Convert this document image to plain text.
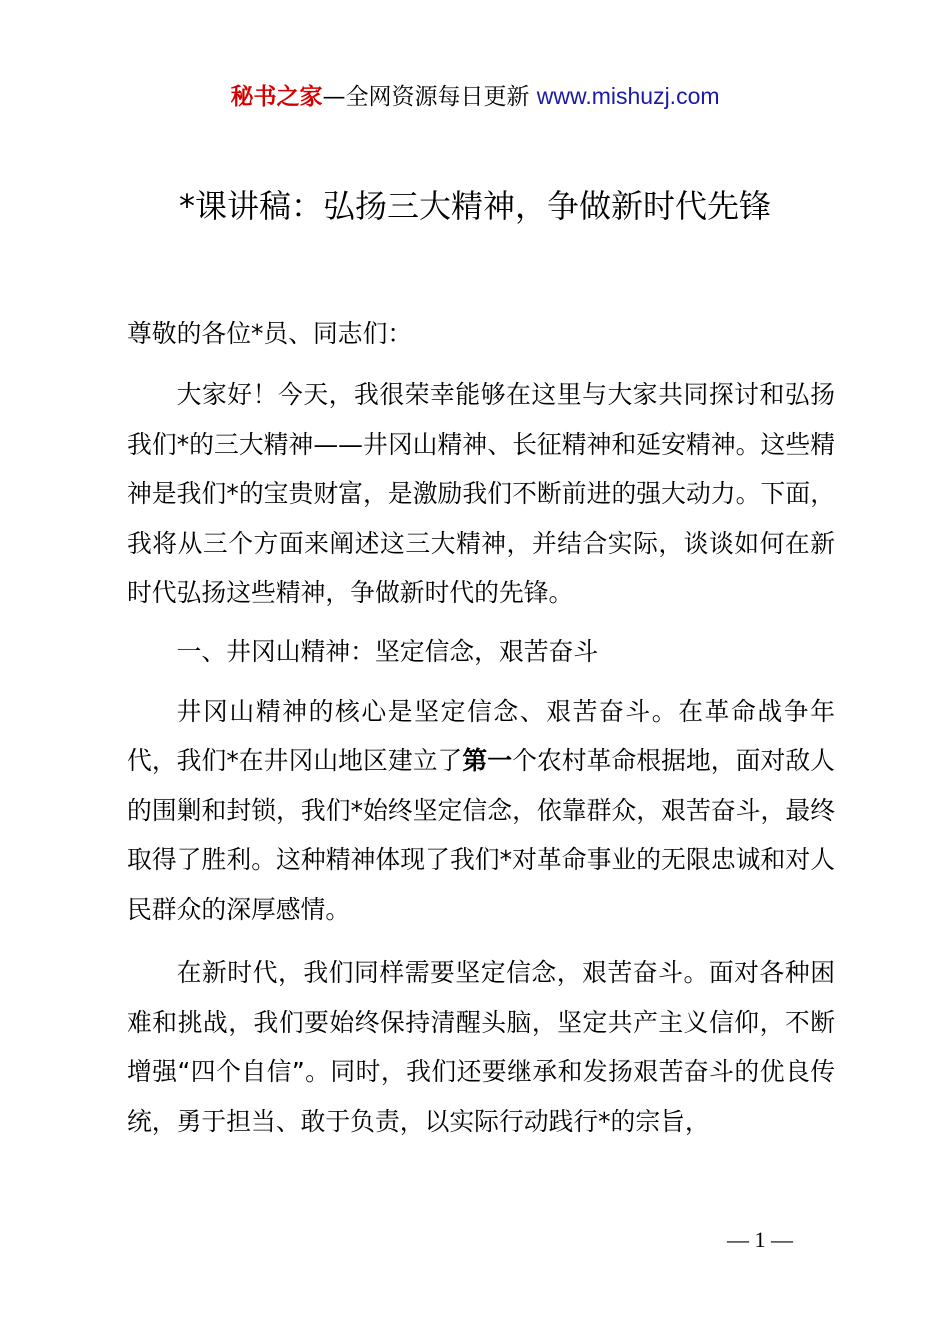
秘书之家—全网资源每日更新 www.mishuzj.com
*课讲稿：弘扬三大精神，争做新时代先锋

尊敬的各位*员、同志们：

大家好！今天，我很荣幸能够在这里与大家共同探讨和弘扬我们*的三大精神——井冈山精神、长征精神和延安精神。这些精神是我们*的宝贵财富，是激励我们不断前进的强大动力。下面，我将从三个方面来阐述这三大精神，并结合实际，谈谈如何在新时代弘扬这些精神，争做新时代的先锋。

一、井冈山精神：坚定信念，艰苦奋斗

井冈山精神的核心是坚定信念、艰苦奋斗。在革命战争年代，我们*在井冈山地区建立了第一个农村革命根据地，面对敌人的围剿和封锁，我们*始终坚定信念，依靠群众，艰苦奋斗，最终取得了胜利。这种精神体现了我们*对革命事业的无限忠诚和对人民群众的深厚感情。

在新时代，我们同样需要坚定信念，艰苦奋斗。面对各种困难和挑战，我们要始终保持清醒头脑，坚定共产主义信仰，不断增强“四个自信”。同时，我们还要继承和发扬艰苦奋斗的优良传统，勇于担当、敢于负责，以实际行动践行*的宗旨，

— 1 —
